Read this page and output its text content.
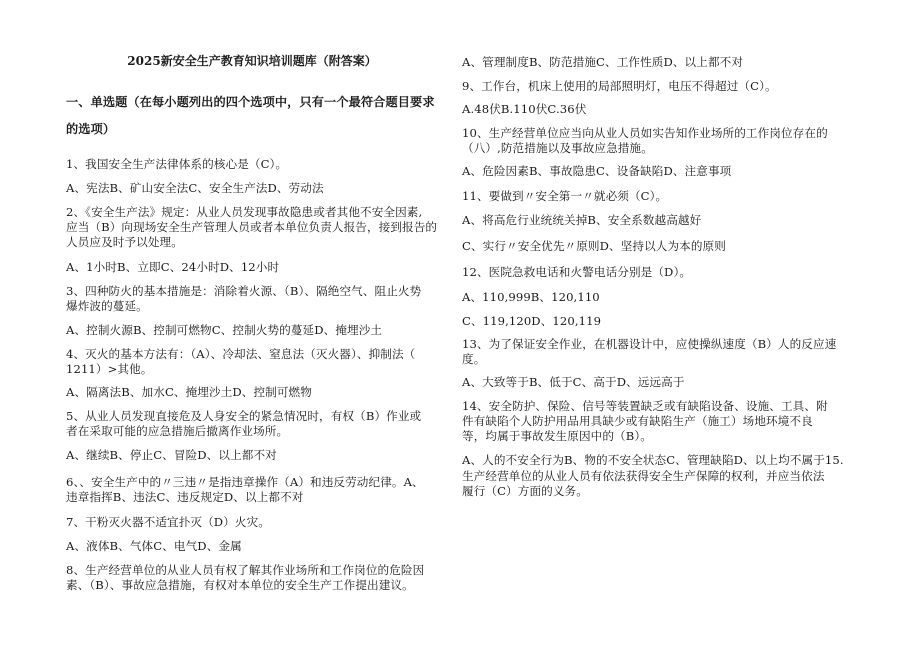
2025新安全生产教育知识培训题库（附答案）
一、单选题（在每小题列出的四个选项中，只有一个最符合题目要求
的选项）
1、我国安全生产法律体系的核心是（C）。
A、宪法B、矿山安全法C、安全生产法D、劳动法
2、《安全生产法》规定：从业人员发现事故隐患或者其他不安全因素,
应当（B）向现场安全生产管理人员或者本单位负责人报告，接到报告的
人员应及时予以处理。
A、1小时B、立即C、24小时D、12小时
3、四种防火的基本措施是：消除着火源、（B）、隔绝空气、阻止火势
爆炸波的蔓延。
A、控制火源B、控制可燃物C、控制火势的蔓延D、掩埋沙土
4、灭火的基本方法有：（A）、冷却法、窒息法（灭火器）、抑制法（
1211）>其他。
A、隔离法B、加水C、掩埋沙土D、控制可燃物
5、从业人员发现直接危及人身安全的紧急情况时，有权（B）作业或
者在采取可能的应急措施后撤离作业场所。
A、继续B、停止C、冒险D、以上都不对
6、、安全生产中的〃三违〃是指违章操作（A）和违反劳动纪律。A、
违章指挥B、违法C、违反规定D、以上都不对
7、干粉灭火器不适宜扑灭（D）火灾。
A、液体B、气体C、电气D、金属
8、生产经营单位的从业人员有权了解其作业场所和工作岗位的危险因
素、（B）、事故应急措施，有权对本单位的安全生产工作提出建议。
A、管理制度B、防范措施C、工作性质D、以上都不对
9、工作台，机床上使用的局部照明灯，电压不得超过（C）。
A.48伏B.110伏C.36伏
10、生产经营单位应当向从业人员如实告知作业场所的工作岗位存在的
（八）,防范措施以及事故应急措施。
A、危险因素B、事故隐患C、设备缺陷D、注意事项
11、要做到〃安全第一〃就必须（C）。
A、将高危行业统统关掉B、安全系数越高越好
C、实行〃安全优先〃原则D、坚持以人为本的原则
12、医院急救电话和火警电话分别是（D）。
A、110,999B、120,110
C、119,120D、120,119
13、为了保证安全作业，在机器设计中，应使操纵速度（B）人的反应速
度。
A、大致等于B、低于C、高于D、远远高于
14、安全防护、保险、信号等装置缺乏或有缺陷设备、设施、工具、附
件有缺陷个人防护用品用具缺少或有缺陷生产（施工）场地环境不良
等，均属于事故发生原因中的（B）。
A、人的不安全行为B、物的不安全状态C、管理缺陷D、以上均不属于15.
生产经营单位的从业人员有依法获得安全生产保障的权利，并应当依法
履行（C）方面的义务。
